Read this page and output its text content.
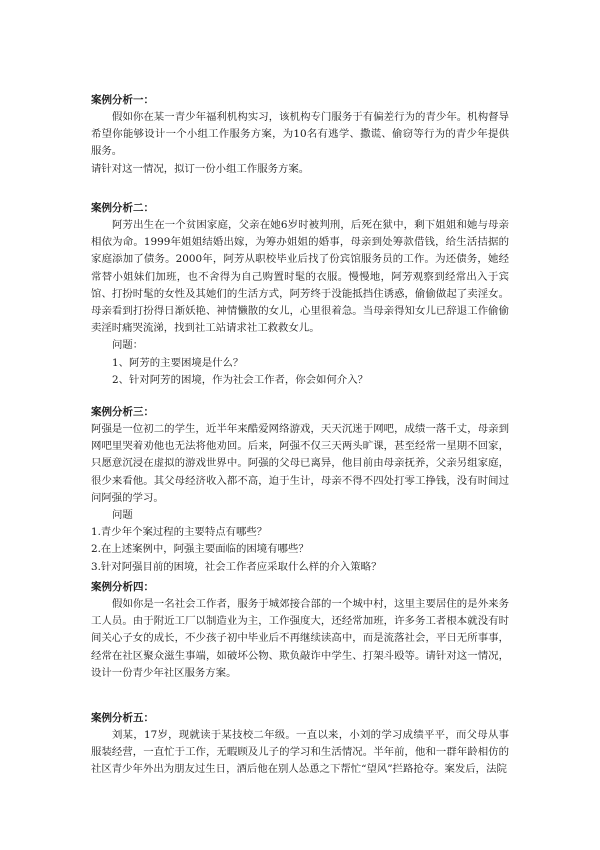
案例分析一：

假如你在某一青少年福利机构实习，该机构专门服务于有偏差行为的青少年。机构督导希望你能够设计一个小组工作服务方案，为10名有逃学、撒谎、偷窃等行为的青少年提供服务。

请针对这一情况，拟订一份小组工作服务方案。
案例分析二：

阿芳出生在一个贫困家庭，父亲在她6岁时被判刑，后死在狱中，剩下姐姐和她与母亲相依为命。1999年姐姐结婚出嫁，为筹办姐姐的婚事，母亲到处筹款借钱，给生活拮据的家庭添加了债务。2000年，阿芳从职校毕业后找了份宾馆服务员的工作。为还债务，她经常替小姐妹们加班，也不舍得为自己购置时髦的衣服。慢慢地，阿芳观察到经常出入于宾馆、打扮时髦的女性及其她们的生活方式，阿芳终于没能抵挡住诱惑，偷偷做起了卖淫女。母亲看到打扮得日渐妖艳、神情懒散的女儿，心里很着急。当母亲得知女儿已辞退工作偷偷卖淫时痛哭流涕，找到社工站请求社工救救女儿。

问题：
1、阿芳的主要困境是什么？
2、针对阿芳的困境，作为社会工作者，你会如何介入？
案例分析三：

阿强是一位初二的学生，近半年来酷爱网络游戏，天天沉迷于网吧，成绩一落千丈，母亲到网吧里哭着劝他也无法将他劝回。后来，阿强不仅三天两头旷课，甚至经常一星期不回家，只愿意沉浸在虚拟的游戏世界中。阿强的父母已离异，他目前由母亲抚养，父亲另组家庭，很少来看他。其父母经济收入都不高，迫于生计，母亲不得不四处打零工挣钱，没有时间过问阿强的学习。

问题
1.青少年个案过程的主要特点有哪些？
2.在上述案例中，阿强主要面临的困境有哪些？
3.针对阿强目前的困境，社会工作者应采取什么样的介入策略？
案例分析四：

假如你是一名社会工作者，服务于城郊接合部的一个城中村，这里主要居住的是外来务工人员。由于附近工厂以制造业为主，工作强度大，还经常加班，许多务工者根本就没有时间关心子女的成长，不少孩子初中毕业后不再继续读高中，而是流落社会，平日无所事事，经常在社区聚众滋生事端，如破坏公物、欺负敲诈中学生、打架斗殴等。请针对这一情况，设计一份青少年社区服务方案。

案例分析五：

刘某，17岁，现就读于某技校二年级。一直以来，小刘的学习成绩平平，而父母从事服装经营，一直忙于工作，无暇顾及儿子的学习和生活情况。半年前，他和一群年龄相仿的社区青少年外出为朋友过生日，酒后他在别人怂恿之下帮忙“望风”拦路抢夺。案发后，法院
